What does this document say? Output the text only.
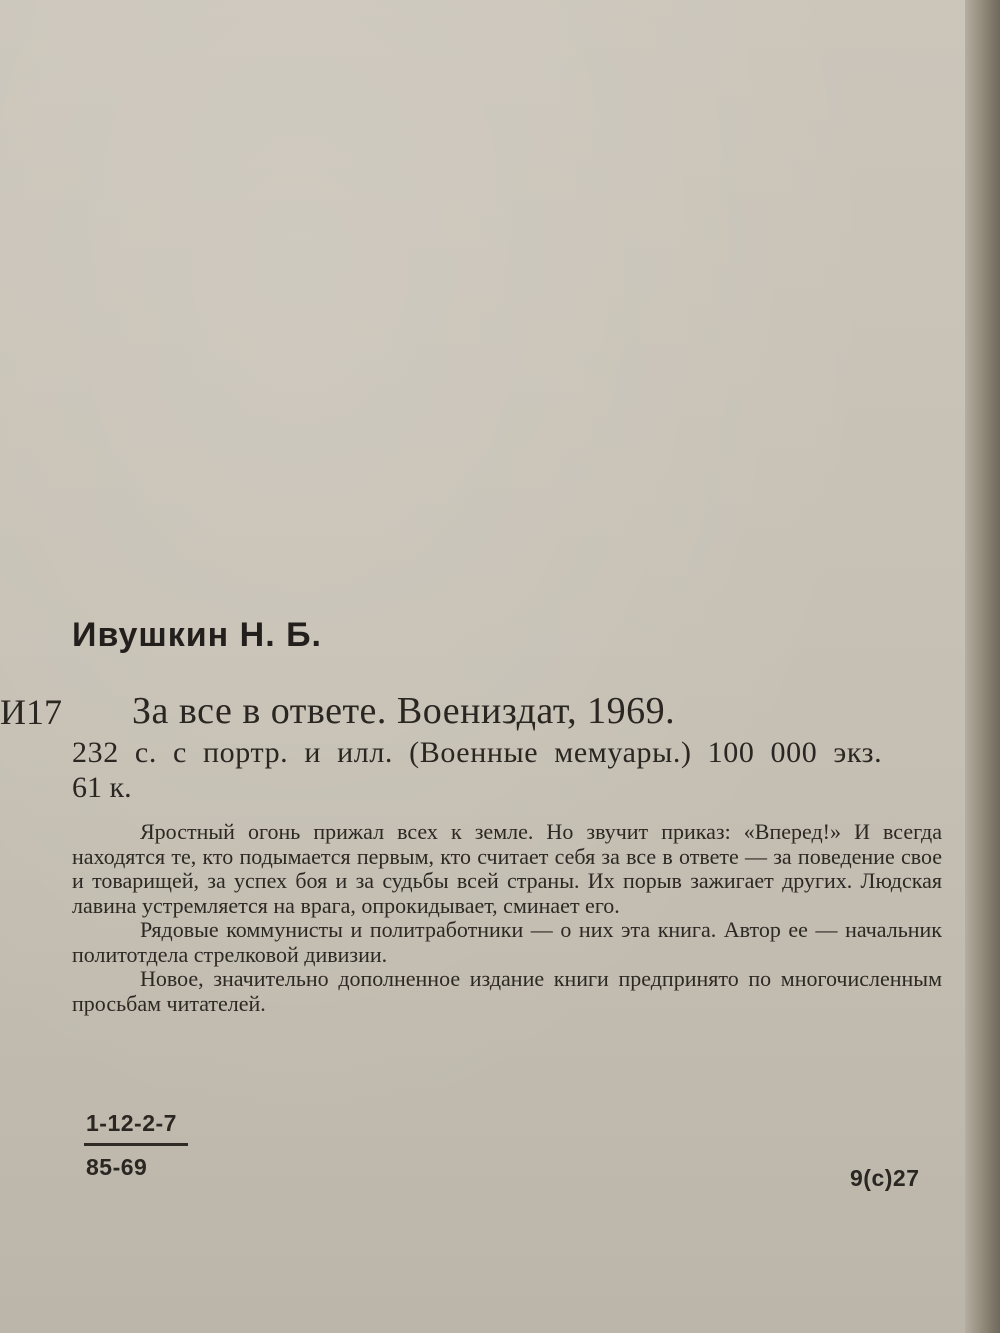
Ивушкин Н. Б.
И17 За все в ответе. Воениздат, 1969.
232 с. с портр. и илл. (Военные мемуары.) 100 000 экз.
61 к.

Яростный огонь прижал всех к земле. Но звучит приказ: «Вперед!» И всегда находятся те, кто подымается первым, кто считает себя за все в ответе — за поведение свое и товарищей, за успех боя и за судьбы всей страны. Их порыв зажигает других. Людская лавина устремляется на врага, опрокидывает, сминает его.

Рядовые коммунисты и политработники — о них эта книга. Автор ее — начальник политотдела стрелковой дивизии.

Новое, значительно дополненное издание книги предпринято по многочисленным просьбам читателей.

1-12-2-7
85-69	9(с)27
